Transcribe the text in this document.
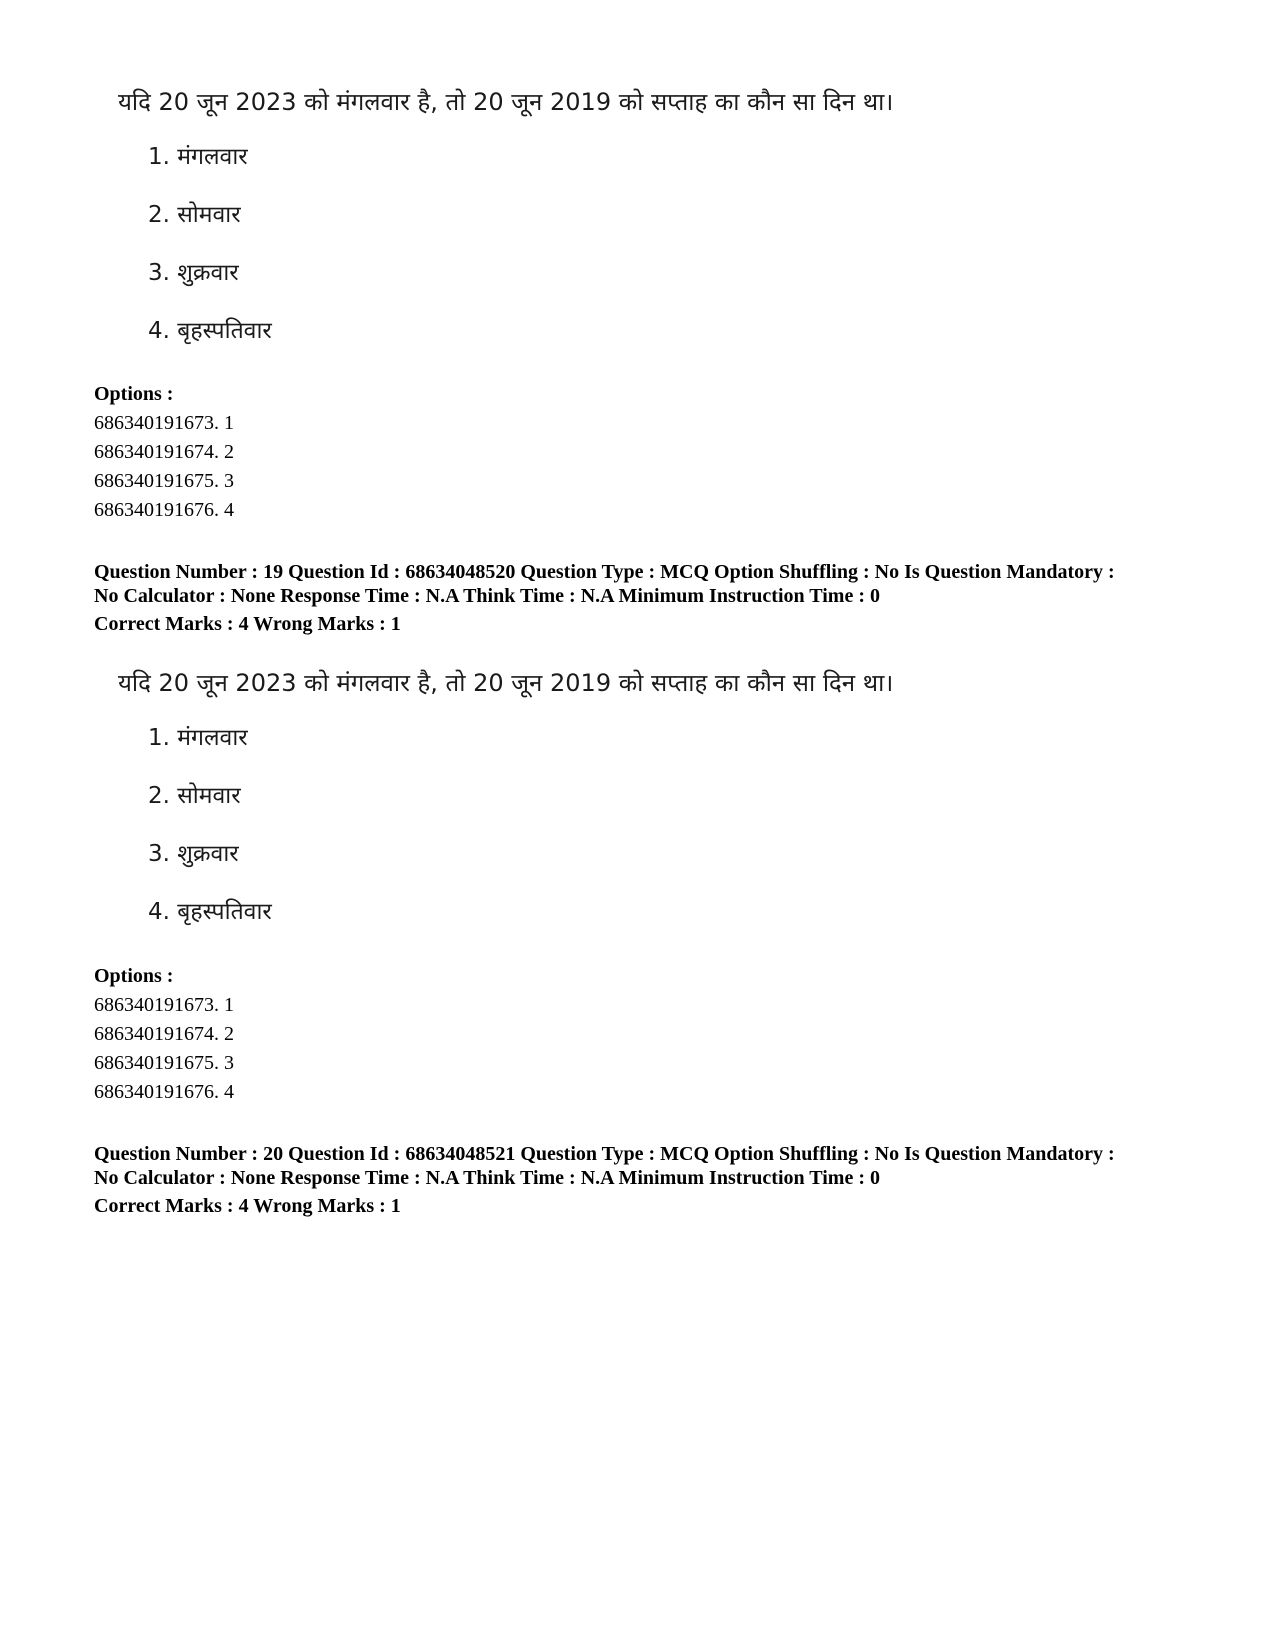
यदि 20 जून 2023 को मंगलवार है, तो 20 जून 2019 को सप्ताह का कौन सा दिन था।
1. मंगलवार
2. सोमवार
3. शुक्रवार
4. बृहस्पतिवार
Options :
686340191673. 1
686340191674. 2
686340191675. 3
686340191676. 4
Question Number : 19 Question Id : 68634048520 Question Type : MCQ Option Shuffling : No Is Question Mandatory :
No Calculator : None Response Time : N.A Think Time : N.A Minimum Instruction Time : 0
Correct Marks : 4 Wrong Marks : 1
यदि 20 जून 2023 को मंगलवार है, तो 20 जून 2019 को सप्ताह का कौन सा दिन था।
1. मंगलवार
2. सोमवार
3. शुक्रवार
4. बृहस्पतिवार
Options :
686340191673. 1
686340191674. 2
686340191675. 3
686340191676. 4
Question Number : 20 Question Id : 68634048521 Question Type : MCQ Option Shuffling : No Is Question Mandatory :
No Calculator : None Response Time : N.A Think Time : N.A Minimum Instruction Time : 0
Correct Marks : 4 Wrong Marks : 1
